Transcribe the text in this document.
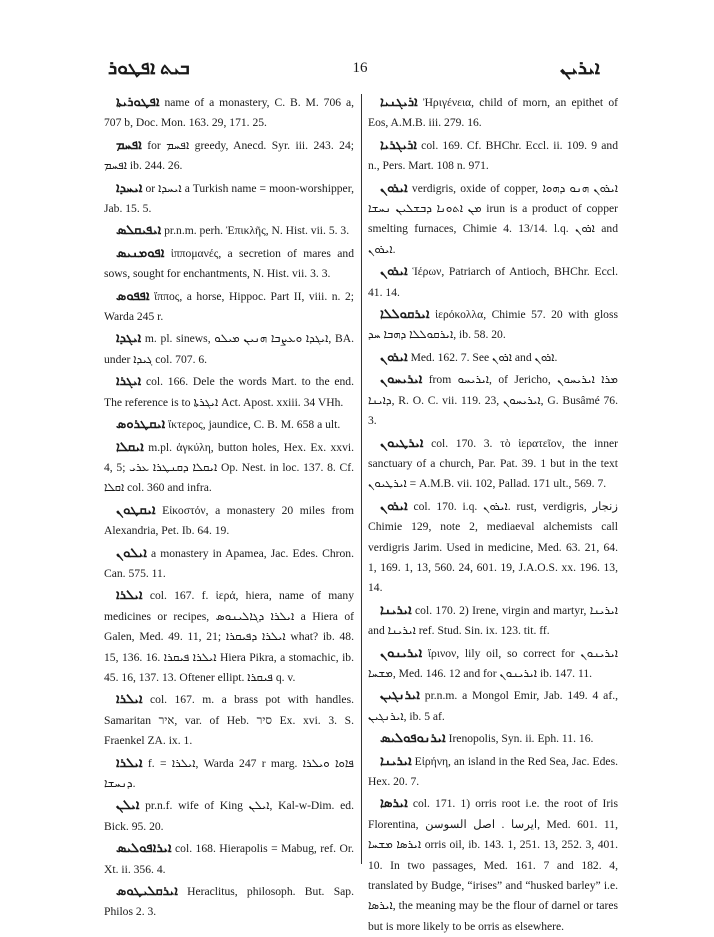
ܒܝܬ ܐܦܛܘܪ	16	ܐܝܪܝܢ

ܐܦܛܘܪܝܬܐ name of a monastery, C. B. M. 706 a, 707 b, Doc. Mon. 163. 29, 171. 25.

ܐܦܚܡ for ܐܦܚܡ greedy, Anecd. Syr. iii. 243. 24; ܐܦܚܡ ib. 244. 26.

ܐܝܚܕܐ or ܐܝܚܕܐ a Turkish name = moon-worshipper, Jab. 15. 5.

ܐܝܦܝܩܠܣ pr.n.m. perh. Ἐπικλῆς, N. Hist. vii. 5. 3.

ܐܦܘܡܢܝܣ ἱππομανές, a secretion of mares and sows, sought for enchantments, N. Hist. vii. 3. 3.

ܐܦܦܘܣ ἵππος, a horse, Hippoc. Part II, viii. n. 2; Warda 245 r.

ܐܝܓܕܐ m. pl. sinews, ܐܝܓܕܐ ܘܥܨܒܐ ܗܢܝܢ ܡܝܠܘ, BA. under ܓܝܕܐ col. 707. 6.

ܐܝܓܪܐ col. 166. Dele the words Mart. to the end. The reference is to ܐܝܓܪܬܐ Act. Apost. xxiii. 34 VHh.

ܐܝܩܛܪܘܣ ἴκτερος, jaundice, C. B. M. 658 a ult.

ܐܝܩܠܐ m.pl. ἀγκύλη, button holes, Hex. Ex. xxvi. 4, 5; ܐܝܩܠܐ ܕܩܢܛܪܐ ܥܪܝ Op. Nest. in loc. 137. 8. Cf. ܐܩܠܐ col. 360 and infra.

ܐܝܩܛܘܢ Εἰκοστόν, a monastery 20 miles from Alexandria, Pet. Ib. 64. 19.

ܐܝܠܘܢ a monastery in Apamea, Jac. Edes. Chron. Can. 575. 11.

ܐܝܠܪܐ col. 167. f. ἱερά, hiera, name of many medicines or recipes, ܐܝܠܪܐ ܕܓܐܠܝܢܘܣ a Hiera of Galen, Med. 49. 11, 21; ܐܝܠܪܐ ܕܦܝܩܪܐ what? ib. 48. 15, 136. 16. ܐܝܠܪܐ ܦܝܩܪܐ Hiera Pikra, a stomachic, ib. 45. 16, 137. 13. Oftener ellipt. ܦܝܩܪܐ q. v.

ܐܝܠܪܐ col. 167. m. a brass pot with handles. Samaritan איר, var. of Heb. סיר Ex. xvi. 3. S. Fraenkel ZA. ix. 1.

ܐܝܠܪܐ f. = ܐܝܠܪܐ, Warda 247 r marg. ܦܐܘܐ ܘܝܠܪܐ ܕܢܚܫܐ.

ܐܝܠܢ pr.n.f. wife of King ܐܝܠܢ, Kal-w-Dim. ed. Bick. 95. 20.

ܐܝܪܐܦܘܠܝܣ col. 168. Hierapolis = Mabug, ref. Or. Xt. ii. 356. 4.

ܐܝܪܩܠܝܛܘܣ Heraclitus, philosoph. But. Sap. Philos 2. 3.

ܐܪܝܓܢܝܐ Ἠριγένεια, child of morn, an epithet of Eos, A.M.B. iii. 279. 16.

ܐܪܝܓܪܝܐ col. 169. Cf. BHChr. Eccl. ii. 109. 9 and n., Pers. Mart. 108 n. 971.

ܐܝܪܘܢ verdigris, oxide of copper, ܐܝܪܘܢ ܗܢܘ ܕܗܘܐ ܡܢ ܐܬܘܢܐ ܕܒܫܠܝܢ ܢܚܫܐ irun is a product of copper smelting furnaces, Chimie 4. 13/14. l.q. ܐܪܘܢ and ܐܝܪܘܢ.

ܐܝܪܘܢ Ἱέρων, Patriarch of Antioch, BHChr. Eccl. 41. 14.

ܐܝܪܩܘܠܠܐ ἱερόκολλα, Chimie 57. 20 with gloss ܐܝܪܩܘܠܠܐ ܕܗܒܐ ܚܕ, ib. 58. 20.

ܐܝܪܘܢ Med. 162. 7. See ܐܪܘܢ and ܐܪܘܢ.

ܐܝܪܝܚܘܢ from ܐܝܪܝܚܘ, of Jericho, ܡܪܐ ܐܝܪܝܚܘܢ ܕܐܝܢܐ, R. O. C. vii. 119. 23, ܐܝܪܝܚܘܢ, G. Busâmé 76. 3.

ܐܝܪܛܝܘܢ col. 170. 3. τὸ ἱερατεῖον, the inner sanctuary of a church, Par. Pat. 39. 1 but in the text ܐܝܪܛܝܘܢ = A.M.B. vii. 102, Pallad. 171 ult., 569. 7.

ܐܝܪܘܢ col. 170. i.q. ܐܝܪܘܢ. rust, verdigris, زنجار Chimie 129, note 2, mediaeval alchemists call verdigris Jarim. Used in medicine, Med. 63. 21, 64. 1, 169. 1, 13, 560. 24, 601. 19, J.A.O.S. xx. 196. 13, 14.

ܐܝܪܝܢܐ col. 170. 2) Irene, virgin and martyr, ܐܝܪܝܢܐ and ܐܝܪܝܢܐ ref. Stud. Sin. ix. 123. tit. ff.

ܐܝܪܝܢܘܢ ἴρινον, lily oil, so correct for ܐܝܪܝܢܘܢ ܡܫܚܐ, Med. 146. 12 and for ܐܝܪܝܢܘܢ ib. 147. 11.

ܐܝܪܢܓܝܢ pr.n.m. a Mongol Emir, Jab. 149. 4 af., ܐܝܪܢܓܝܢ, ib. 5 af.

ܐܝܪܢܘܦܘܠܝܣ Irenopolis, Syn. ii. Eph. 11. 16.

ܐܝܪܝܢܐ Εἰρήνη, an island in the Red Sea, Jac. Edes. Hex. 20. 7.

ܐܝܪܣܐ col. 171. 1) orris root i.e. the root of Iris Florentina, ايرسا . اصل السوسن, Med. 601. 11, ܐܝܪܣܐ ܡܫܚܐ orris oil, ib. 143. 1, 251. 13, 252. 3, 401. 10. In two passages, Med. 161. 7 and 182. 4, translated by Budge, “irises” and “husked barley” i.e. ܐܝܪܣܐ, the meaning may be the flour of darnel or tares but is more likely to be orris as elsewhere.
